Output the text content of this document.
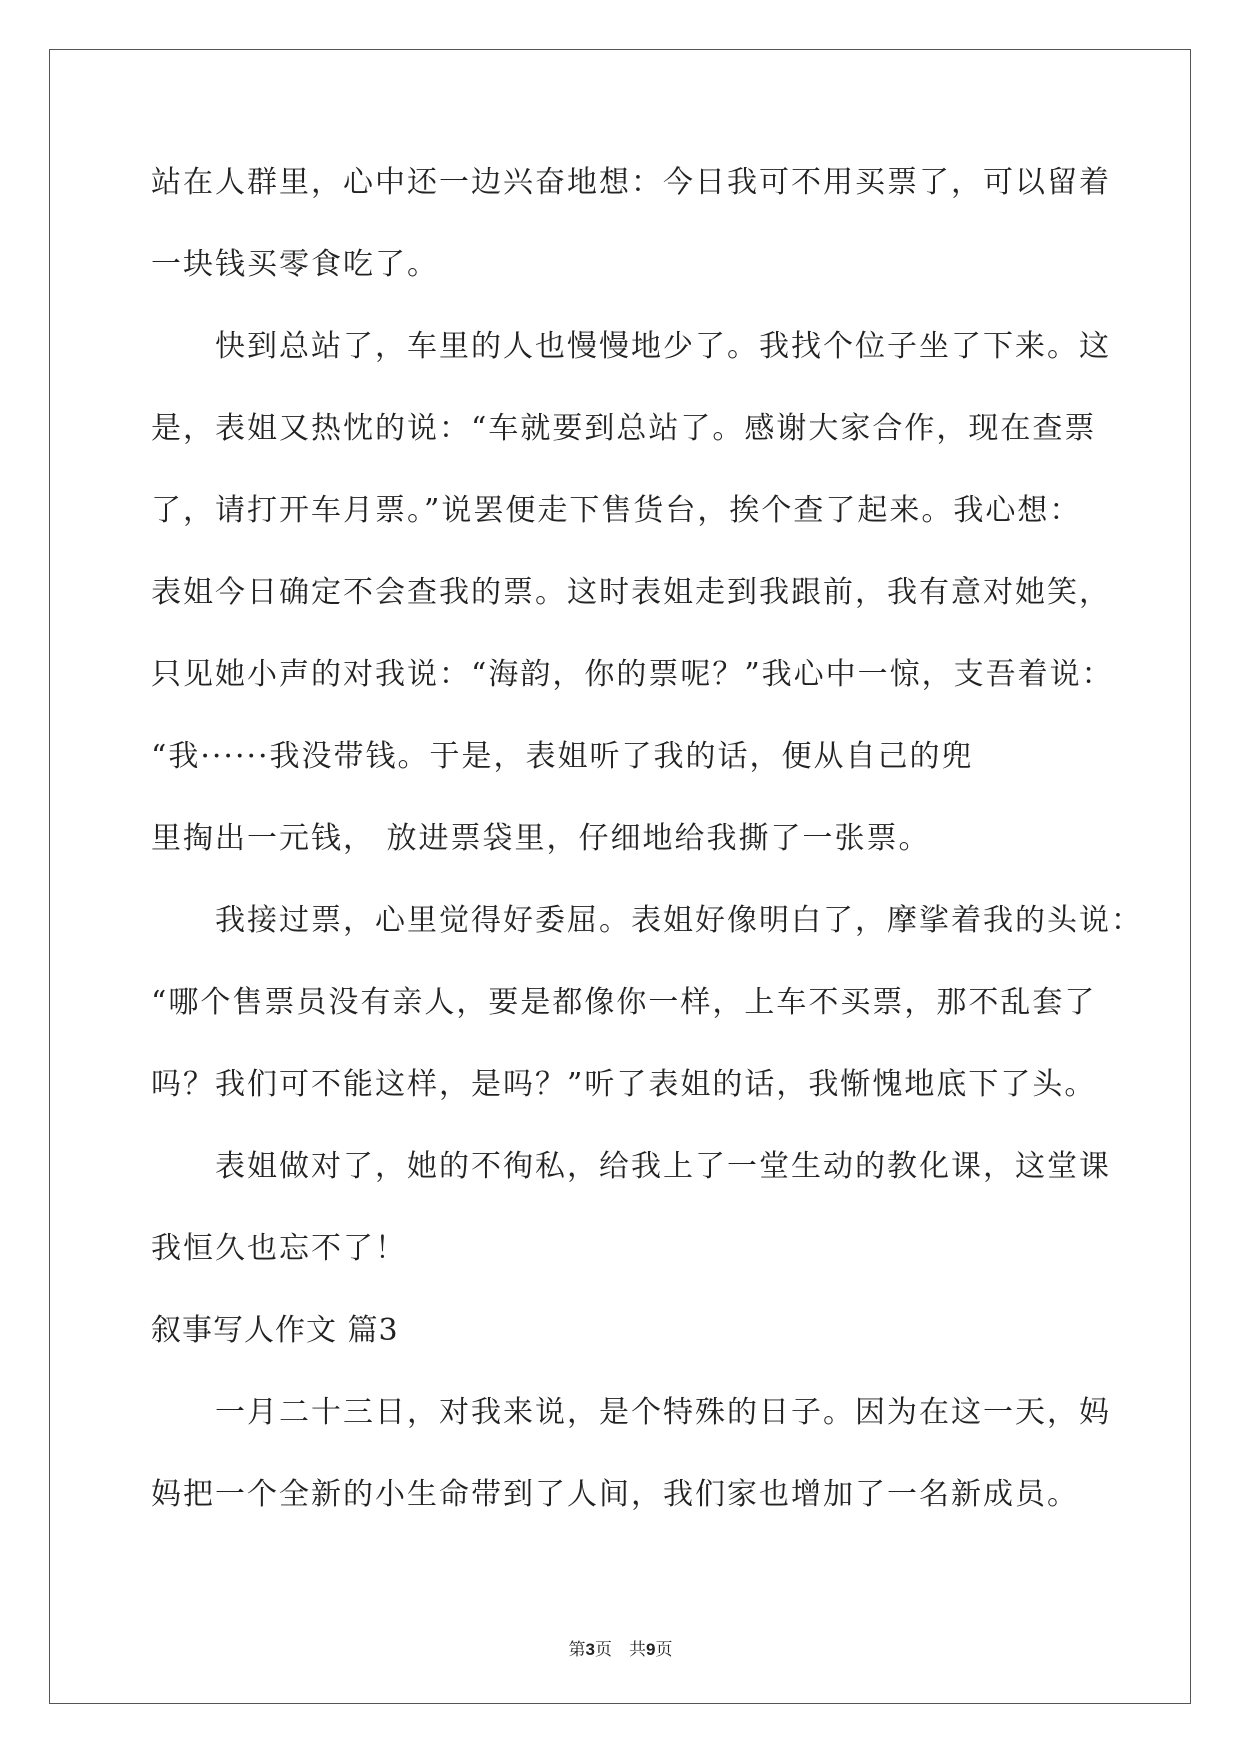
站在人群里，心中还一边兴奋地想：今日我可不用买票了，可以留着
一块钱买零食吃了。
快到总站了，车里的人也慢慢地少了。我找个位子坐了下来。这
是，表姐又热忱的说：“车就要到总站了。感谢大家合作，现在查票
了，请打开车月票。”说罢便走下售货台，挨个查了起来。我心想：
表姐今日确定不会查我的票。这时表姐走到我跟前，我有意对她笑，
只见她小声的对我说：“海韵，你的票呢？”我心中一惊，支吾着说：
“我······我没带钱。于是，表姐听了我的话，便从自己的兜
里掏出一元钱， 放进票袋里，仔细地给我撕了一张票。
我接过票，心里觉得好委屈。表姐好像明白了，摩挲着我的头说：
“哪个售票员没有亲人，要是都像你一样，上车不买票，那不乱套了
吗？我们可不能这样，是吗？”听了表姐的话，我惭愧地底下了头。
表姐做对了，她的不徇私，给我上了一堂生动的教化课，这堂课
我恒久也忘不了！
叙事写人作文 篇3
一月二十三日，对我来说，是个特殊的日子。因为在这一天，妈
妈把一个全新的小生命带到了人间，我们家也增加了一名新成员。
第3页　共9页
